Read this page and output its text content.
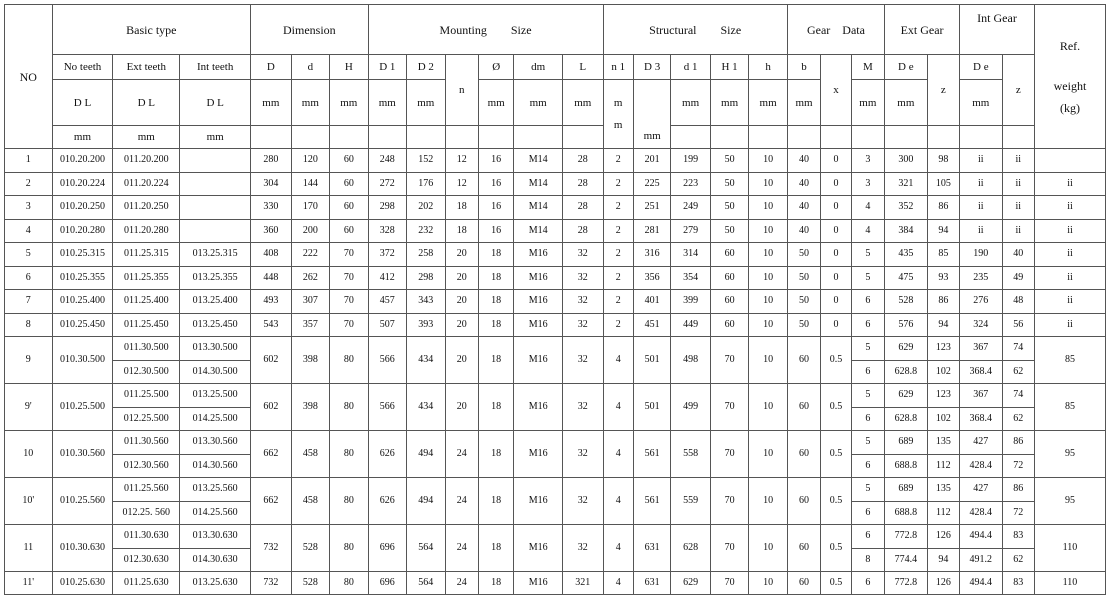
NO	Basic type			Dimension			Mounting Size						Structural Size					Gear Data			Ext Gear		Int Gear		Ref.
weight
(kg)

	No teeth	Ext teeth	Int teeth	D	d	H	D 1	D 2	n	Ø	dm	L	n 1	D 3	d 1	H 1	h	b	x	M	D e	z	D e	z	
	D L	D L	D L	mm	mm	mm	mm	mm		mm	mm	mm	m
m	mm	mm	mm	mm	mm		mm	mm		mm		
	mm	mm	mm																						
1	010.20.200	011.20.200		280	120	60	248	152	12	16	M14	28	2	201	199	50	10	40	0	3	300	98	ii	ii	
2	010.20.224	011.20.224		304	144	60	272	176	12	16	M14	28	2	225	223	50	10	40	0	3	321	105	ii	ii	ii
3	010.20.250	011.20.250		330	170	60	298	202	18	16	M14	28	2	251	249	50	10	40	0	4	352	86	ii	ii	ii
4	010.20.280	011.20.280		360	200	60	328	232	18	16	M14	28	2	281	279	50	10	40	0	4	384	94	ii	ii	ii
5	010.25.315	011.25.315	013.25.315	408	222	70	372	258	20	18	M16	32	2	316	314	60	10	50	0	5	435	85	190	40	ii
6	010.25.355	011.25.355	013.25.355	448	262	70	412	298	20	18	M16	32	2	356	354	60	10	50	0	5	475	93	235	49	ii
7	010.25.400	011.25.400	013.25.400	493	307	70	457	343	20	18	M16	32	2	401	399	60	10	50	0	6	528	86	276	48	ii
8	010.25.450	011.25.450	013.25.450	543	357	70	507	393	20	18	M16	32	2	451	449	60	10	50	0	6	576	94	324	56	ii
9	010.30.500	011.30.500	013.30.500	602	398	80	566	434	20	18	M16	32	4	501	498	70	10	60	0.5	5	629	123	367	74	85
		012.30.500	014.30.500																	6	628.8	102	368.4	62	
9'	010.25.500	011.25.500	013.25.500	602	398	80	566	434	20	18	M16	32	4	501	499	70	10	60	0.5	5	629	123	367	74	85
		012.25.500	014.25.500																	6	628.8	102	368.4	62	
10	010.30.560	011.30.560	013.30.560	662	458	80	626	494	24	18	M16	32	4	561	558	70	10	60	0.5	5	689	135	427	86	95
		012.30.560	014.30.560																	6	688.8	112	428.4	72	
10'	010.25.560	011.25.560	013.25.560	662	458	80	626	494	24	18	M16	32	4	561	559	70	10	60	0.5	5	689	135	427	86	95
		012.25. 560	014.25.560																	6	688.8	112	428.4	72	
11	010.30.630	011.30.630	013.30.630	732	528	80	696	564	24	18	M16	32	4	631	628	70	10	60	0.5	6	772.8	126	494.4	83	110
		012.30.630	014.30.630																	8	774.4	94	491.2	62	
11'	010.25.630	011.25.630	013.25.630	732	528	80	696	564	24	18	M16	321	4	631	629	70	10	60	0.5	6	772.8	126	494.4	83	110
